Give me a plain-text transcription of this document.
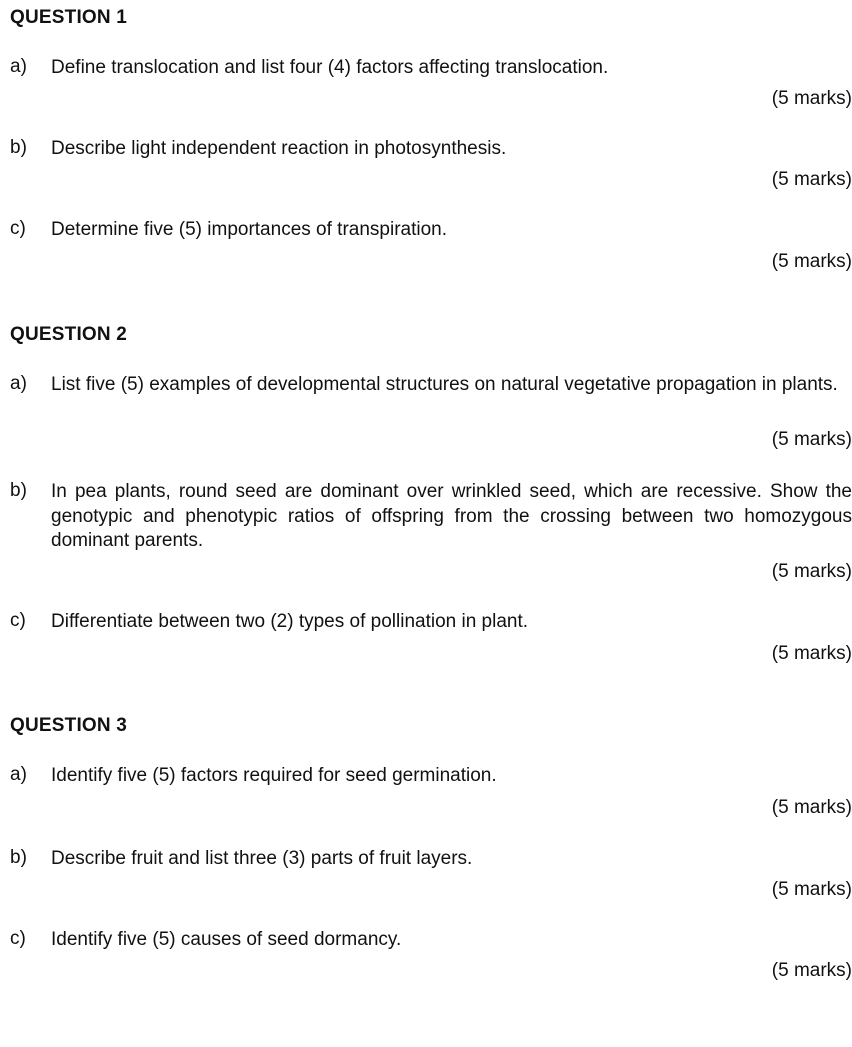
QUESTION 1
a) Define translocation and list four (4) factors affecting translocation.
(5 marks)
b) Describe light independent reaction in photosynthesis.
(5 marks)
c) Determine five (5) importances of transpiration.
(5 marks)
QUESTION 2
a) List five (5) examples of developmental structures on natural vegetative propagation in plants.
(5 marks)
b) In pea plants, round seed are dominant over wrinkled seed, which are recessive. Show the genotypic and phenotypic ratios of offspring from the crossing between two homozygous dominant parents.
(5 marks)
c) Differentiate between two (2) types of pollination in plant.
(5 marks)
QUESTION 3
a) Identify five (5) factors required for seed germination.
(5 marks)
b) Describe fruit and list three (3) parts of fruit layers.
(5 marks)
c) Identify five (5) causes of seed dormancy.
(5 marks)
